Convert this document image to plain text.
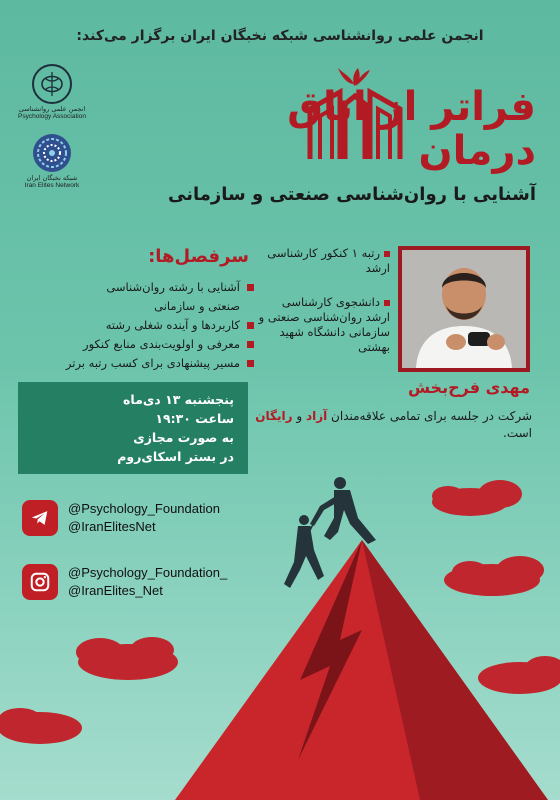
انجمن علمی روانشناسی شبکه نخبگان ایران برگزار می‌کند:
انجمن علمی روانشناسی
Psychology Association
شبکه نخبگان ایران
Iran Elites Network
فراتر از اتاق
درمان
آشنایی با روان‌شناسی صنعتی و سازمانی
سرفصل‌ها:
آشنایی با رشته روان‌شناسی
صنعتی و سازمانی
کاربردها و آینده شغلی رشته
معرفی و اولویت‌بندی منابع کنکور
مسیر پیشنهادی برای کسب رتبه برتر
پنجشنبه ۱۳ دی‌ماه
ساعت ۱۹:۳۰
به صورت مجازی
در بستر اسکای‌روم
رتبه ۱ کنکور کارشناسی ارشد
دانشجوی کارشناسی ارشد روان‌شناسی صنعتی و سازمانی دانشگاه شهید بهشتی
مهدی فرح‌بخش
شرکت در جلسه برای تمامی علاقه‌مندان آزاد و رایگان است.
@Psychology_Foundation
@IranElitesNet
@Psychology_Foundation_
@IranElites_Net
